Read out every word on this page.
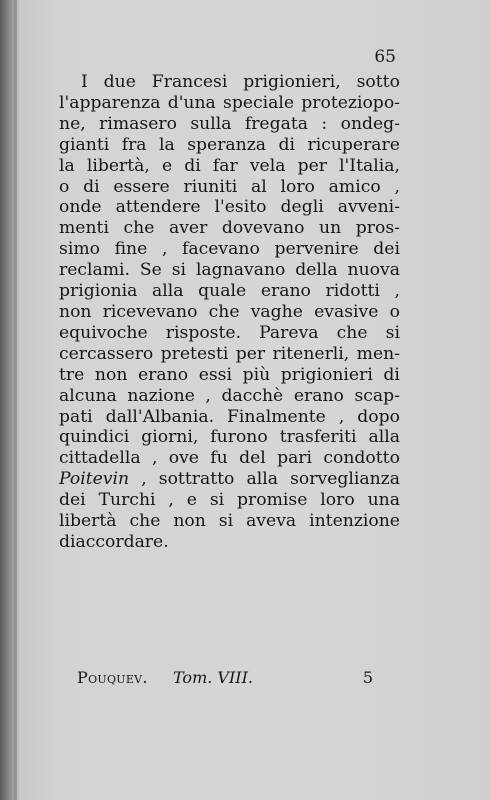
65
I due Francesi prigionieri, sotto
l'apparenza d'una speciale proteziopo-
ne, rimasero sulla fregata : ondeg-
gianti fra la speranza di ricuperare
la libertà, e di far vela per l'Italia,
o di essere riuniti al loro amico ,
onde attendere l'esito degli avveni-
menti che aver dovevano un pros-
simo fine , facevano pervenire dei
reclami. Se si lagnavano della nuova
prigionia alla quale erano ridotti ,
non ricevevano che vaghe evasive o
equivoche risposte. Pareva che si
cercassero pretesti per ritenerli, men-
tre non erano essi più prigionieri di
alcuna nazione , dacchè erano scap-
pati dall'Albania. Finalmente , dopo
quindici giorni, furono trasferiti alla
cittadella , ove fu del pari condotto
Poitevin , sottratto alla sorveglianza
dei Turchi , e si promise loro una
libertà che non si aveva intenzione
di accordare.
Pouquev. Tom. VIII.	5
